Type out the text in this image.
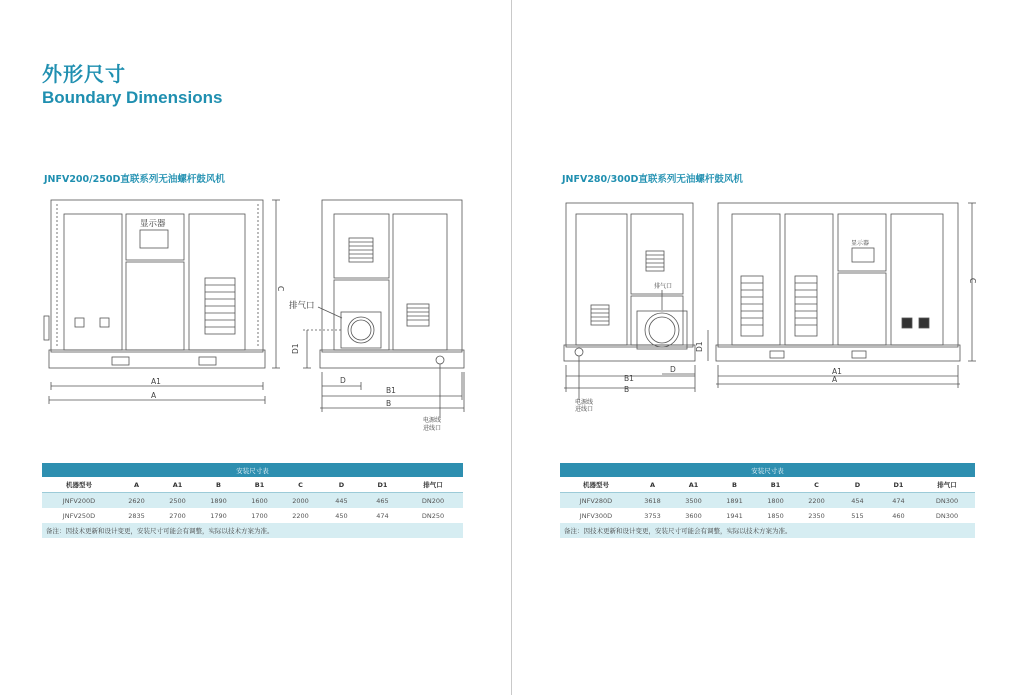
外形尺寸
Boundary Dimensions
JNFV200/250D直联系列无油螺杆鼓风机	JNFV280/300D直联系列无油螺杆鼓风机
显示器
A1
A
C
D1
排气口
D
B1
B
电源线
进线口
排气口
D
B1
B
D1
电源线
进线口
显示器
A1
A
C
安装尺寸表								
机器型号	A	A1	B	B1	C	D	D1	排气口
JNFV200D	2620	2500	1890	1600	2000	445	465	DN200
JNFV250D	2835	2700	1790	1700	2200	450	474	DN250
备注：因技术更新和设计变更，安装尺寸可能会有调整，实际以技术方案为准。								
安装尺寸表								
机器型号	A	A1	B	B1	C	D	D1	排气口
JNFV280D	3618	3500	1891	1800	2200	454	474	DN300
JNFV300D	3753	3600	1941	1850	2350	515	460	DN300
备注：因技术更新和设计变更，安装尺寸可能会有调整，实际以技术方案为准。								
